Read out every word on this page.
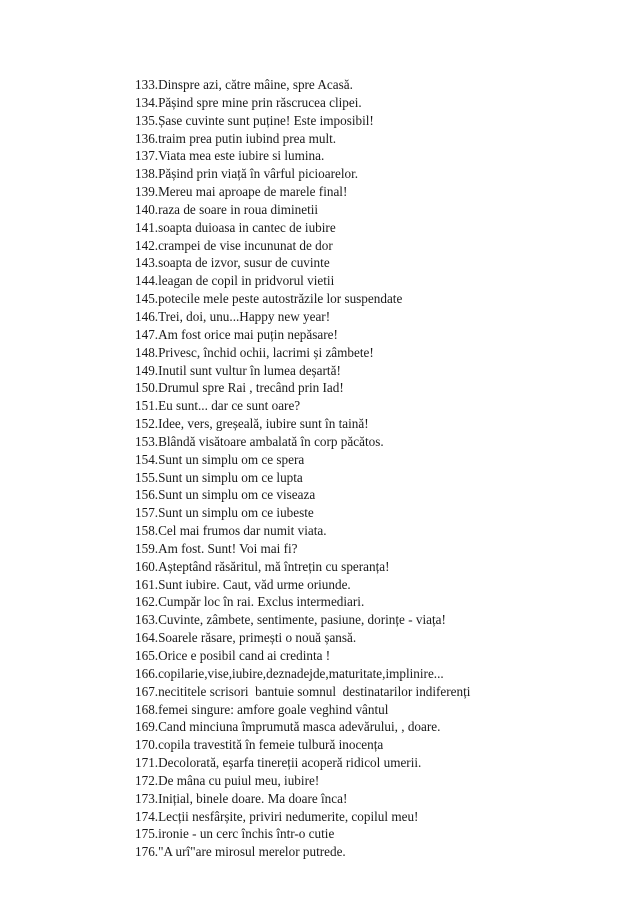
133.Dinspre azi, către mâine, spre Acasă.
134.Pășind spre mine prin răscrucea clipei.
135.Șase cuvinte sunt puține! Este imposibil!
136.traim prea putin iubind prea mult.
137.Viata mea este iubire si lumina.
138.Pășind prin viață în vârful picioarelor.
139.Mereu mai aproape de marele final!
140.raza de soare in roua diminetii
141.soapta duioasa in cantec de iubire
142.crampei de vise incununat de dor
143.soapta de izvor, susur de cuvinte
144.leagan de copil in pridvorul vietii
145.potecile mele peste autostrăzile lor suspendate
146.Trei, doi, unu...Happy new year!
147.Am fost orice mai puțin nepăsare!
148.Privesc, închid ochii, lacrimi și zâmbete!
149.Inutil sunt vultur în lumea deșartă!
150.Drumul spre Rai , trecând prin Iad!
151.Eu sunt... dar ce sunt oare?
152.Idee, vers, greșeală, iubire sunt în taină!
153.Blândă visătoare ambalată în corp păcătos.
154.Sunt un simplu om ce spera
155.Sunt un simplu om ce lupta
156.Sunt un simplu om ce viseaza
157.Sunt un simplu om ce iubeste
158.Cel mai frumos dar numit viata.
159.Am fost. Sunt! Voi mai fi?
160.Așteptând răsăritul, mă întrețin cu speranța!
161.Sunt iubire. Caut, văd urme oriunde.
162.Cumpăr loc în rai. Exclus intermediari.
163.Cuvinte, zâmbete, sentimente, pasiune, dorințe - viața!
164.Soarele răsare, primești o nouă șansă.
165.Orice e posibil cand ai credinta !
166.copilarie,vise,iubire,deznadejde,maturitate,implinire...
167.necititele scrisori  bantuie somnul  destinatarilor indiferenți
168.femei singure: amfore goale veghind vântul
169.Cand minciuna împrumută masca adevărului, , doare.
170.copila travestită în femeie tulbură inocența
171.Decolorată, eșarfa tinereții acoperă ridicol umerii.
172.De mâna cu puiul meu, iubire!
173.Inițial, binele doare. Ma doare înca!
174.Lecții nesfârșite, priviri nedumerite, copilul meu!
175.ironie - un cerc închis într-o cutie
176."A urî"are mirosul merelor putrede.
